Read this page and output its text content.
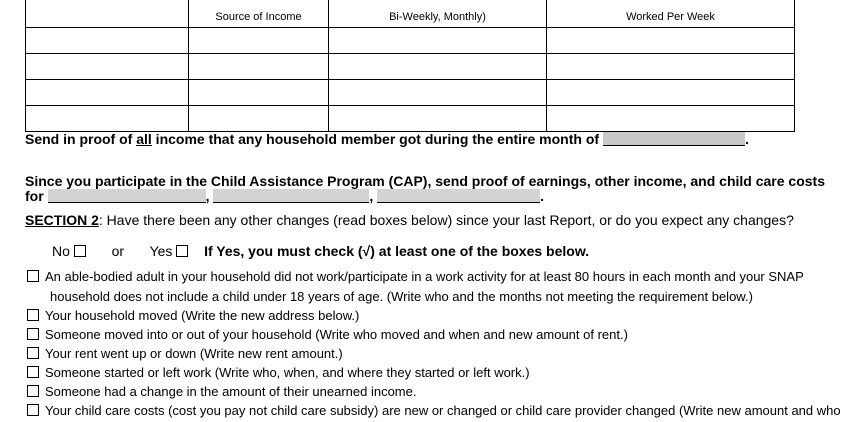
	Source of Income	Bi-Weekly, Monthly)	Worked Per Week

Send in proof of all income that any household member got during the entire month of	.
Since you participate in the Child Assistance Program (CAP), send proof of earnings, other income, and child care costs
for	,	,	.
SECTION 2: Have there been any other changes (read boxes below) since your last Report, or do you expect any changes?
No	or Yes If Yes, you must check (√) at least one of the boxes below.
An able-bodied adult in your household did not work/participate in a work activity for at least 80 hours in each month and your SNAP
household does not include a child under 18 years of age. (Write who and the months not meeting the requirement below.)
Your household moved (Write the new address below.)
Someone moved into or out of your household (Write who moved and when and new amount of rent.)
Your rent went up or down (Write new rent amount.)
Someone started or left work (Write who, when, and where they started or left work.)
Someone had a change in the amount of their unearned income.
Your child care costs (cost you pay not child care subsidy) are new or changed or child care provider changed (Write new amount and who
